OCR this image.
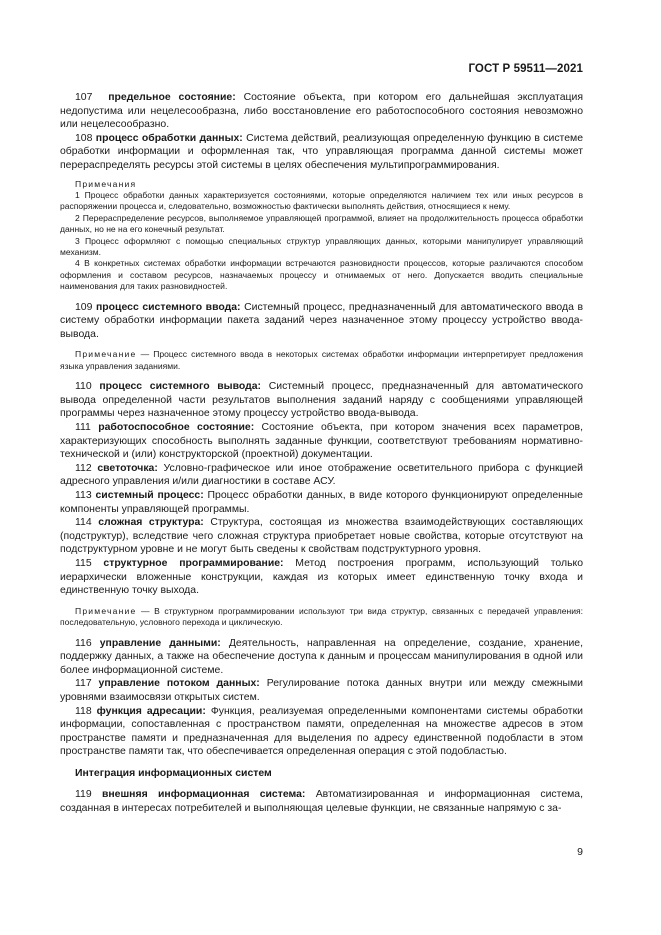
ГОСТ Р 59511—2021

107 предельное состояние: Состояние объекта, при котором его дальнейшая эксплуатация недопустима или нецелесообразна, либо восстановление его работоспособного состояния невозможно или нецелесообразно.

108 процесс обработки данных: Система действий, реализующая определенную функцию в системе обработки информации и оформленная так, что управляющая программа данной системы может перераспределять ресурсы этой системы в целях обеспечения мультипрограммирования.

Примечания

1 Процесс обработки данных характеризуется состояниями, которые определяются наличием тех или иных ресурсов в распоряжении процесса и, следовательно, возможностью фактически выполнять действия, относящиеся к нему.

2 Перераспределение ресурсов, выполняемое управляющей программой, влияет на продолжительность процесса обработки данных, но не на его конечный результат.

3 Процесс оформляют с помощью специальных структур управляющих данных, которыми манипулирует управляющий механизм.

4 В конкретных системах обработки информации встречаются разновидности процессов, которые различаются способом оформления и составом ресурсов, назначаемых процессу и отнимаемых от него. Допускается вводить специальные наименования для таких разновидностей.

109 процесс системного ввода: Системный процесс, предназначенный для автоматического ввода в систему обработки информации пакета заданий через назначенное этому процессу устройство ввода-вывода.

Примечание — Процесс системного ввода в некоторых системах обработки информации интерпретирует предложения языка управления заданиями.

110 процесс системного вывода: Системный процесс, предназначенный для автоматического вывода определенной части результатов выполнения заданий наряду с сообщениями управляющей программы через назначенное этому процессу устройство ввода-вывода.

111 работоспособное состояние: Состояние объекта, при котором значения всех параметров, характеризующих способность выполнять заданные функции, соответствуют требованиям нормативно-технической и (или) конструкторской (проектной) документации.

112 светоточка: Условно-графическое или иное отображение осветительного прибора с функцией адресного управления и/или диагностики в составе АСУ.

113 системный процесс: Процесс обработки данных, в виде которого функционируют определенные компоненты управляющей программы.

114 сложная структура: Структура, состоящая из множества взаимодействующих составляющих (подструктур), вследствие чего сложная структура приобретает новые свойства, которые отсутствуют на подструктурном уровне и не могут быть сведены к свойствам подструктурного уровня.

115 структурное программирование: Метод построения программ, использующий только иерархически вложенные конструкции, каждая из которых имеет единственную точку входа и единственную точку выхода.

Примечание — В структурном программировании используют три вида структур, связанных с передачей управления: последовательную, условного перехода и циклическую.

116 управление данными: Деятельность, направленная на определение, создание, хранение, поддержку данных, а также на обеспечение доступа к данным и процессам манипулирования в одной или более информационной системе.

117 управление потоком данных: Регулирование потока данных внутри или между смежными уровнями взаимосвязи открытых систем.

118 функция адресации: Функция, реализуемая определенными компонентами системы обработки информации, сопоставленная с пространством памяти, определенная на множестве адресов в этом пространстве памяти и предназначенная для выделения по адресу единственной подобласти в этом пространстве памяти так, что обеспечивается определенная операция с этой подобластью.

Интеграция информационных систем

119 внешняя информационная система: Автоматизированная и информационная система, созданная в интересах потребителей и выполняющая целевые функции, не связанные напрямую с за-

9
